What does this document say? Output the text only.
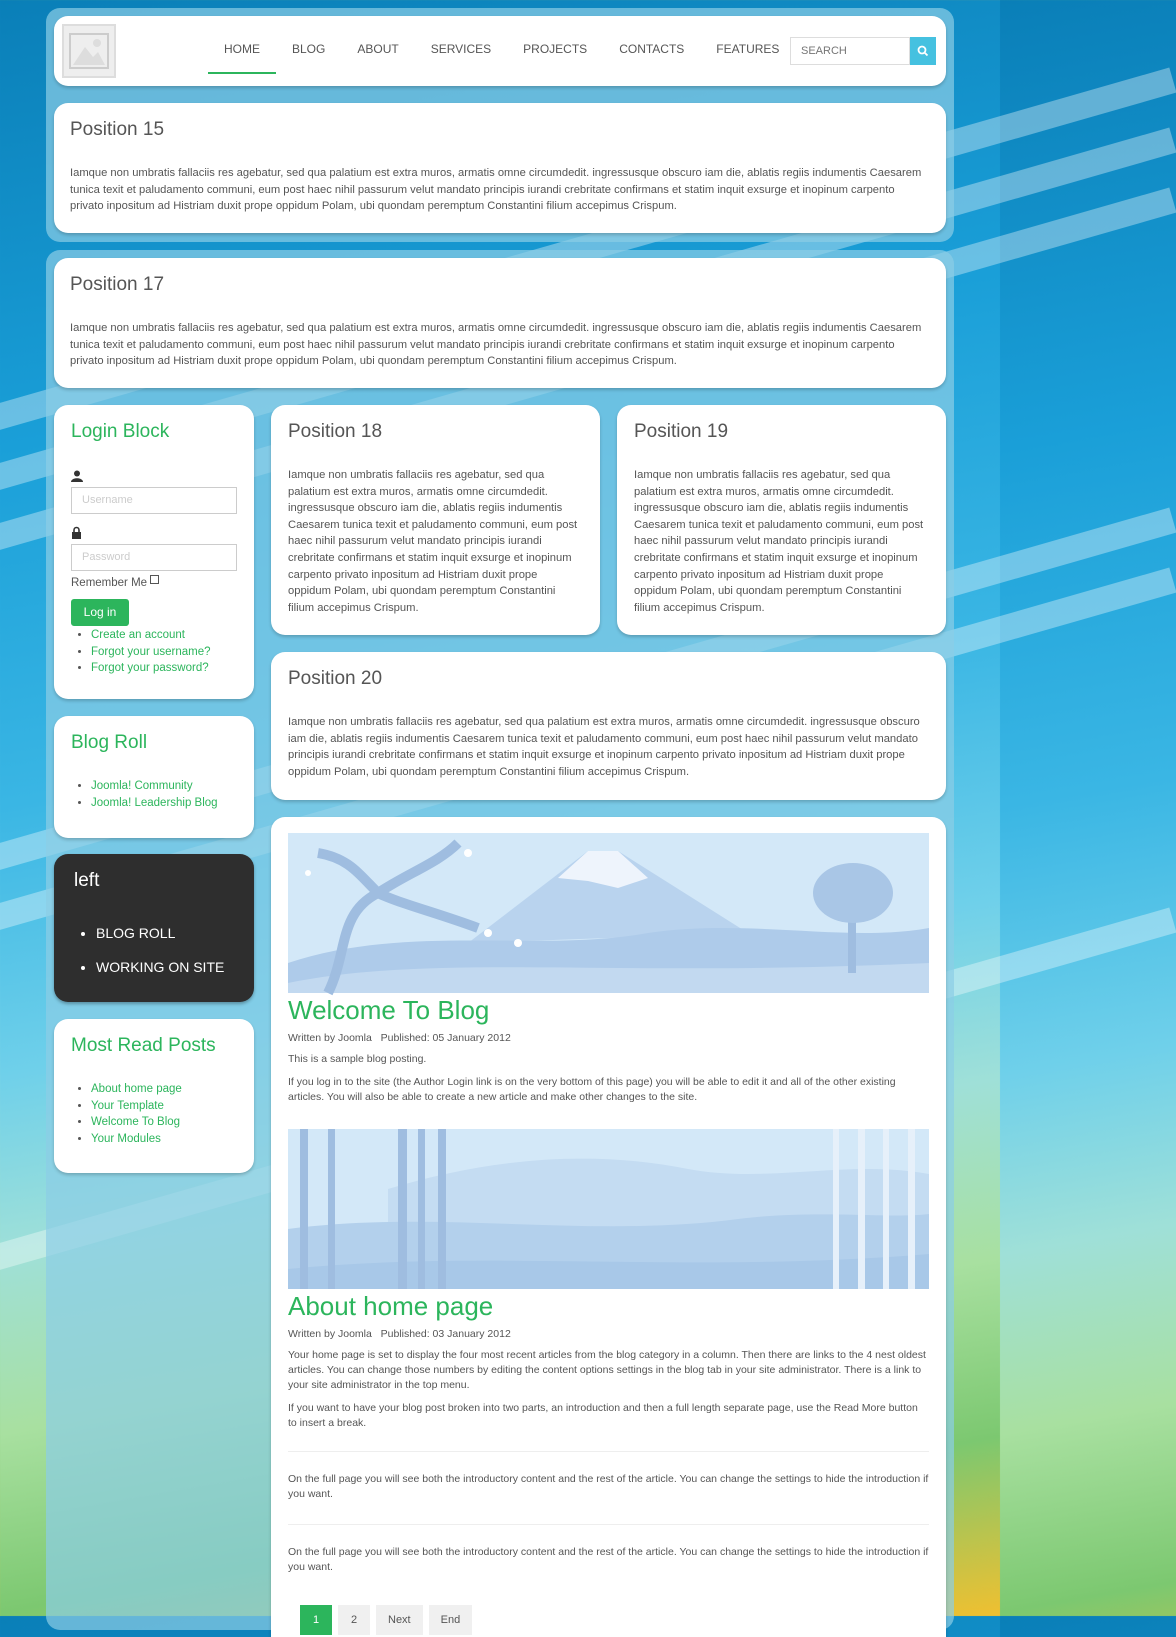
HOME	BLOG	ABOUT	SERVICES	PROJECTS	CONTACTS	FEATURES
SEARCH
Position 15

Iamque non umbratis fallaciis res agebatur, sed qua palatium est extra muros, armatis omne circumdedit. ingressusque obscuro iam die, ablatis regiis indumentis Caesarem tunica texit et paludamento communi, eum post haec nihil passurum velut mandato principis iurandi crebritate confirmans et statim inquit exsurge et inopinum carpento privato inpositum ad Histriam duxit prope oppidum Polam, ubi quondam peremptum Constantini filium accepimus Crispum.

Position 17

Iamque non umbratis fallaciis res agebatur, sed qua palatium est extra muros, armatis omne circumdedit. ingressusque obscuro iam die, ablatis regiis indumentis Caesarem tunica texit et paludamento communi, eum post haec nihil passurum velut mandato principis iurandi crebritate confirmans et statim inquit exsurge et inopinum carpento privato inpositum ad Histriam duxit prope oppidum Polam, ubi quondam peremptum Constantini filium accepimus Crispum.

Login Block
Username
Password
Remember Me
Log in
• Create an account
• Forgot your username?
• Forgot your password?
Blog Roll
• Joomla! Community
• Joomla! Leadership Blog
left
• BLOG ROLL
• WORKING ON SITE
Most Read Posts
• About home page
• Your Template
• Welcome To Blog
• Your Modules
Position 18

Iamque non umbratis fallaciis res agebatur, sed qua palatium est extra muros, armatis omne circumdedit. ingressusque obscuro iam die, ablatis regiis indumentis Caesarem tunica texit et paludamento communi, eum post haec nihil passurum velut mandato principis iurandi crebritate confirmans et statim inquit exsurge et inopinum carpento privato inpositum ad Histriam duxit prope oppidum Polam, ubi quondam peremptum Constantini filium accepimus Crispum.

Position 19

Iamque non umbratis fallaciis res agebatur, sed qua palatium est extra muros, armatis omne circumdedit. ingressusque obscuro iam die, ablatis regiis indumentis Caesarem tunica texit et paludamento communi, eum post haec nihil passurum velut mandato principis iurandi crebritate confirmans et statim inquit exsurge et inopinum carpento privato inpositum ad Histriam duxit prope oppidum Polam, ubi quondam peremptum Constantini filium accepimus Crispum.

Position 20

Iamque non umbratis fallaciis res agebatur, sed qua palatium est extra muros, armatis omne circumdedit. ingressusque obscuro iam die, ablatis regiis indumentis Caesarem tunica texit et paludamento communi, eum post haec nihil passurum velut mandato principis iurandi crebritate confirmans et statim inquit exsurge et inopinum carpento privato inpositum ad Histriam duxit prope oppidum Polam, ubi quondam peremptum Constantini filium accepimus Crispum.

Welcome To Blog
Written by Joomla Published: 05 January 2012

This is a sample blog posting.

If you log in to the site (the Author Login link is on the very bottom of this page) you will be able to edit it and all of the other existing articles. You will also be able to create a new article and make other changes to the site.

About home page
Written by Joomla Published: 03 January 2012

Your home page is set to display the four most recent articles from the blog category in a column. Then there are links to the 4 nest oldest articles. You can change those numbers by editing the content options settings in the blog tab in your site administrator. There is a link to your site administrator in the top menu.

If you want to have your blog post broken into two parts, an introduction and then a full length separate page, use the Read More button to insert a break.

On the full page you will see both the introductory content and the rest of the article. You can change the settings to hide the introduction if you want.

On the full page you will see both the introductory content and the rest of the article. You can change the settings to hide the introduction if you want.

1	2	Next	End
